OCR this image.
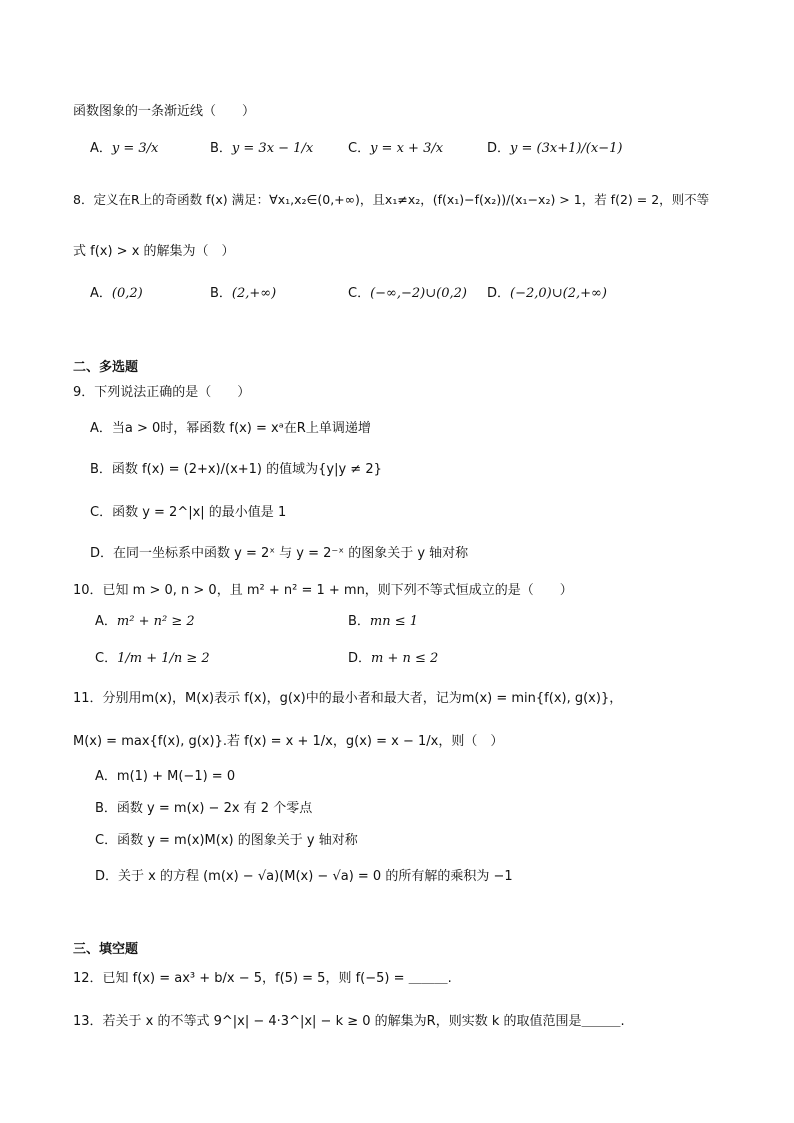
函数图象的一条渐近线（　　）
A．y = 3/x	B．y = 3x − 1/x	C．y = x + 3/x	D．y = (3x+1)/(x−1)
8．定义在R上的奇函数 f(x) 满足：∀x₁,x₂∈(0,+∞)，且x₁≠x₂，(f(x₁)−f(x₂))/(x₁−x₂) > 1，若 f(2) = 2，则不等
式 f(x) > x 的解集为（　）
A．(0,2)	B．(2,+∞)	C．(−∞,−2)∪(0,2) D．(−2,0)∪(2,+∞)
二、多选题
9．下列说法正确的是（　　）
A．当a > 0时，幂函数 f(x) = xᵃ在R上单调递增
B．函数 f(x) = (2+x)/(x+1) 的值域为{y|y ≠ 2}
C．函数 y = 2^|x| 的最小值是 1
D．在同一坐标系中函数 y = 2ˣ 与 y = 2⁻ˣ 的图象关于 y 轴对称
10．已知 m > 0, n > 0，且 m² + n² = 1 + mn，则下列不等式恒成立的是（　　）
A．m² + n² ≥ 2	B．mn ≤ 1
C．1/m + 1/n ≥ 2	D．m + n ≤ 2
11．分别用m(x)，M(x)表示 f(x)，g(x)中的最小者和最大者，记为m(x) = min{f(x), g(x)}，
M(x) = max{f(x), g(x)}.若 f(x) = x + 1/x，g(x) = x − 1/x，则（　）
A．m(1) + M(−1) = 0
B．函数 y = m(x) − 2x 有 2 个零点
C．函数 y = m(x)M(x) 的图象关于 y 轴对称
D．关于 x 的方程 (m(x) − √a)(M(x) − √a) = 0 的所有解的乘积为 −1
三、填空题
12．已知 f(x) = ax³ + b/x − 5，f(5) = 5，则 f(−5) = ＿＿＿.
13．若关于 x 的不等式 9^|x| − 4·3^|x| − k ≥ 0 的解集为R，则实数 k 的取值范围是＿＿＿.
